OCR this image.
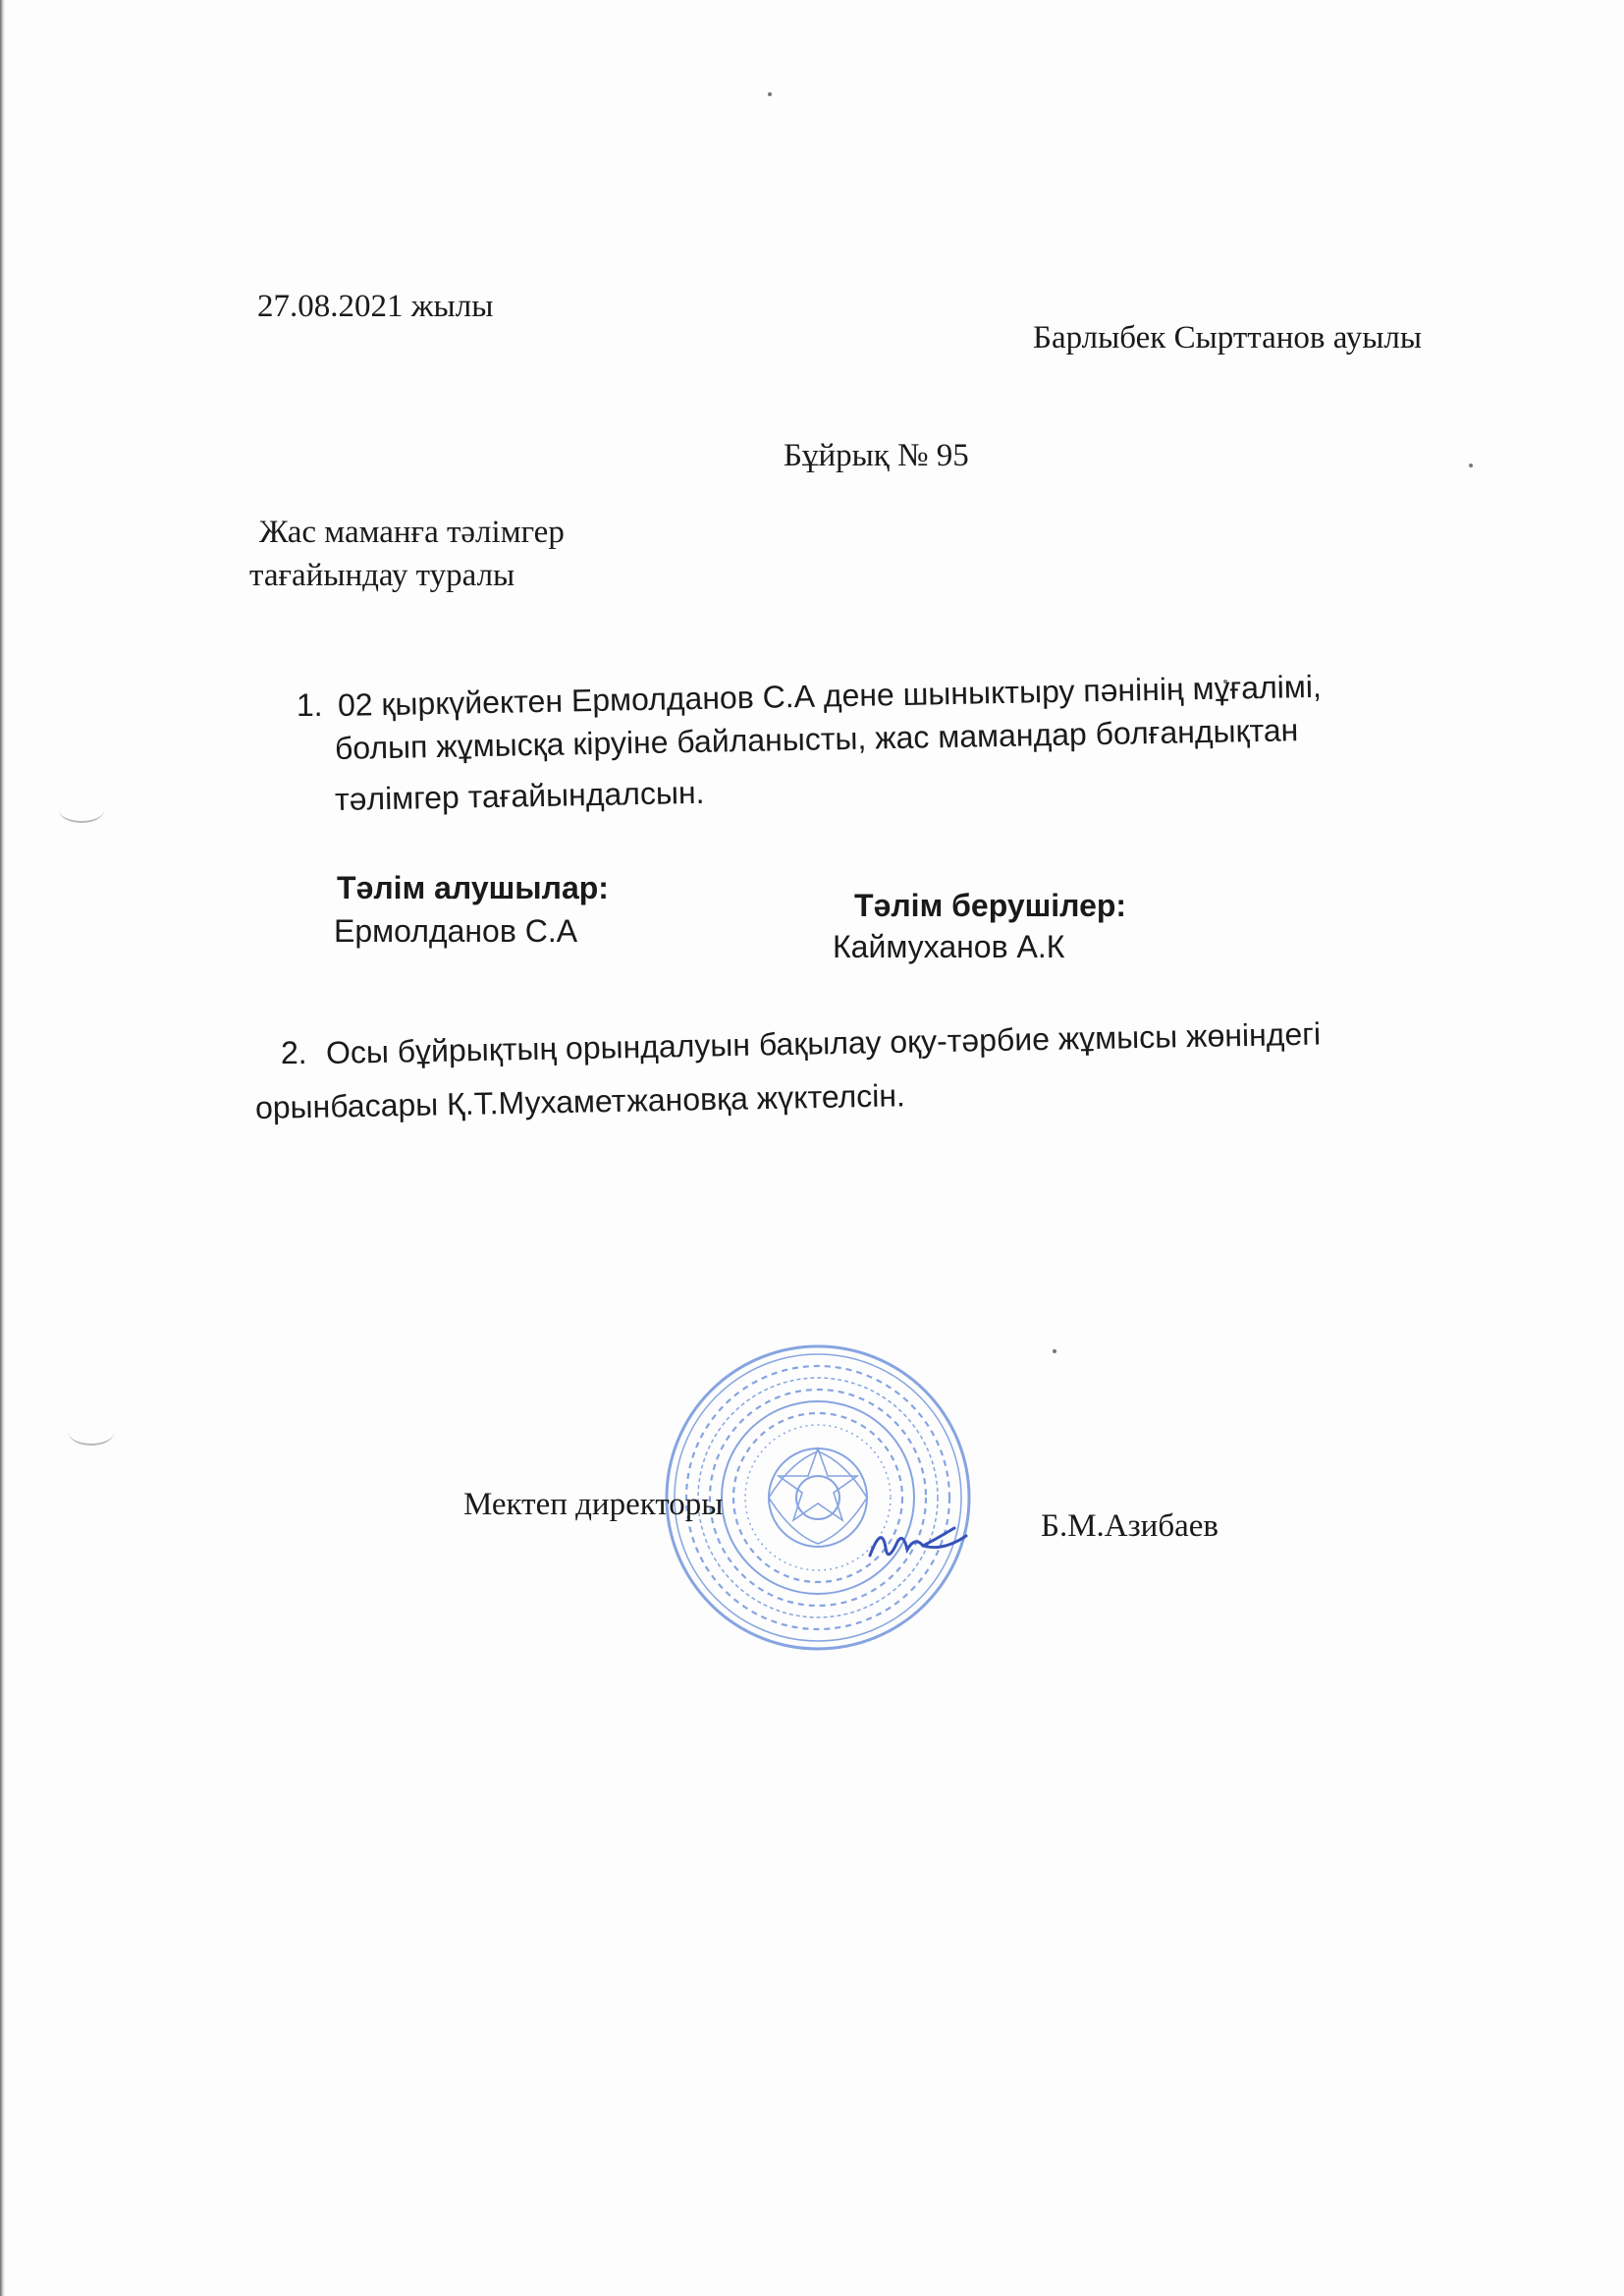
27.08.2021 жылы
Барлыбек Сырттанов ауылы
Бұйрық № 95
Жас маманға тәлімгер
тағайындау туралы
1. 02 қыркүйектен Ермолданов С.А дене шыныктыру пәнінің мұғалімі,
болып жұмысқа кіруіне байланысты, жас мамандар болғандықтан
тәлімгер тағайындалсын.
Тәлім алушылар:
Ермолданов С.А
Тәлім берушілер:
Каймуханов А.К
2. Осы бұйрықтың орындалуын бақылау оқу-тәрбие жұмысы жөніндегі
орынбасары Қ.Т.Мухаметжановқа жүктелсін.
Мектеп директоры
Б.М.Азибаев
